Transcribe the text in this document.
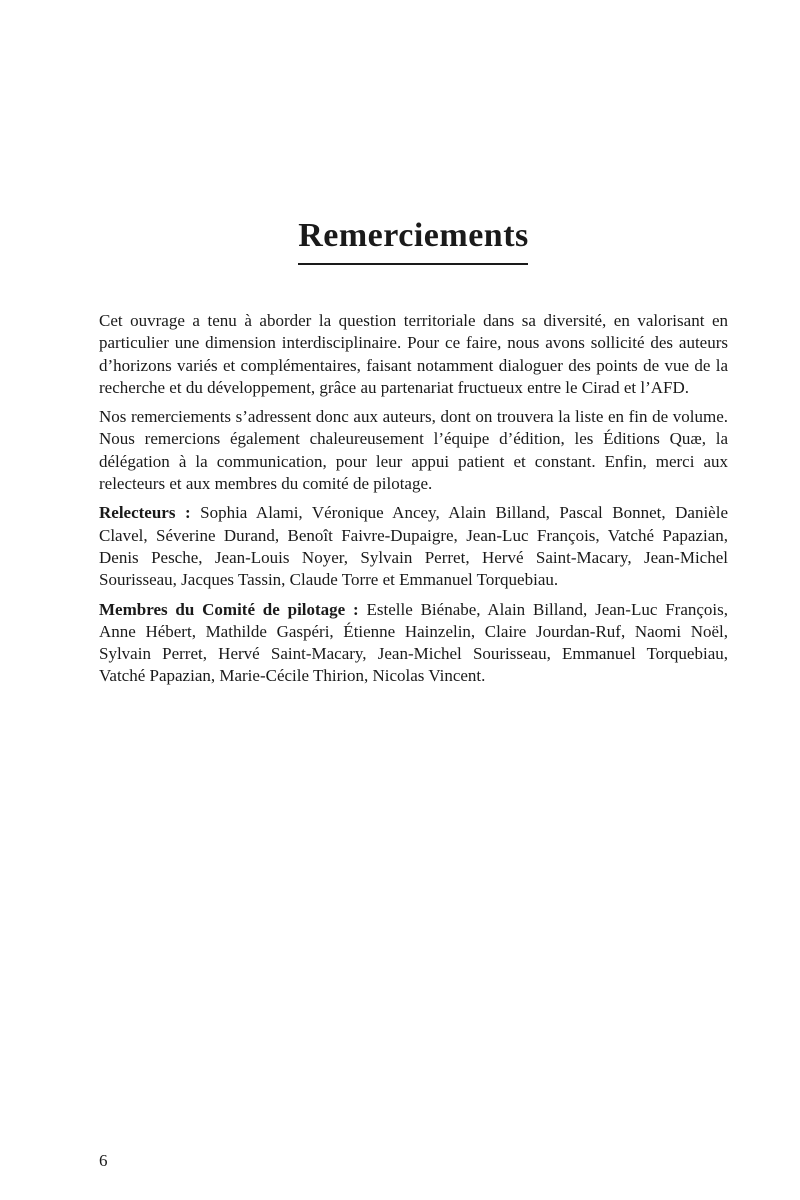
Remerciements

Cet ouvrage a tenu à aborder la question territoriale dans sa diversité, en valorisant en particulier une dimension interdisciplinaire. Pour ce faire, nous avons sollicité des auteurs d’horizons variés et complémentaires, faisant notamment dialoguer des points de vue de la recherche et du développement, grâce au partenariat fructueux entre le Cirad et l’AFD.

Nos remerciements s’adressent donc aux auteurs, dont on trouvera la liste en fin de volume. Nous remercions également chaleureusement l’équipe d’édition, les Éditions Quæ, la délégation à la communication, pour leur appui patient et constant. Enfin, merci aux relecteurs et aux membres du comité de pilotage.

Relecteurs : Sophia Alami, Véronique Ancey, Alain Billand, Pascal Bonnet, Danièle Clavel, Séverine Durand, Benoît Faivre-Dupaigre, Jean-Luc François, Vatché Papazian, Denis Pesche, Jean-Louis Noyer, Sylvain Perret, Hervé Saint-Macary, Jean-Michel Sourisseau, Jacques Tassin, Claude Torre et Emmanuel Torquebiau.

Membres du Comité de pilotage : Estelle Biénabe, Alain Billand, Jean-Luc François, Anne Hébert, Mathilde Gaspéri, Étienne Hainzelin, Claire Jourdan-Ruf, Naomi Noël, Sylvain Perret, Hervé Saint-Macary, Jean-Michel Sourisseau, Emmanuel Torquebiau, Vatché Papazian, Marie-Cécile Thirion, Nicolas Vincent.

6
